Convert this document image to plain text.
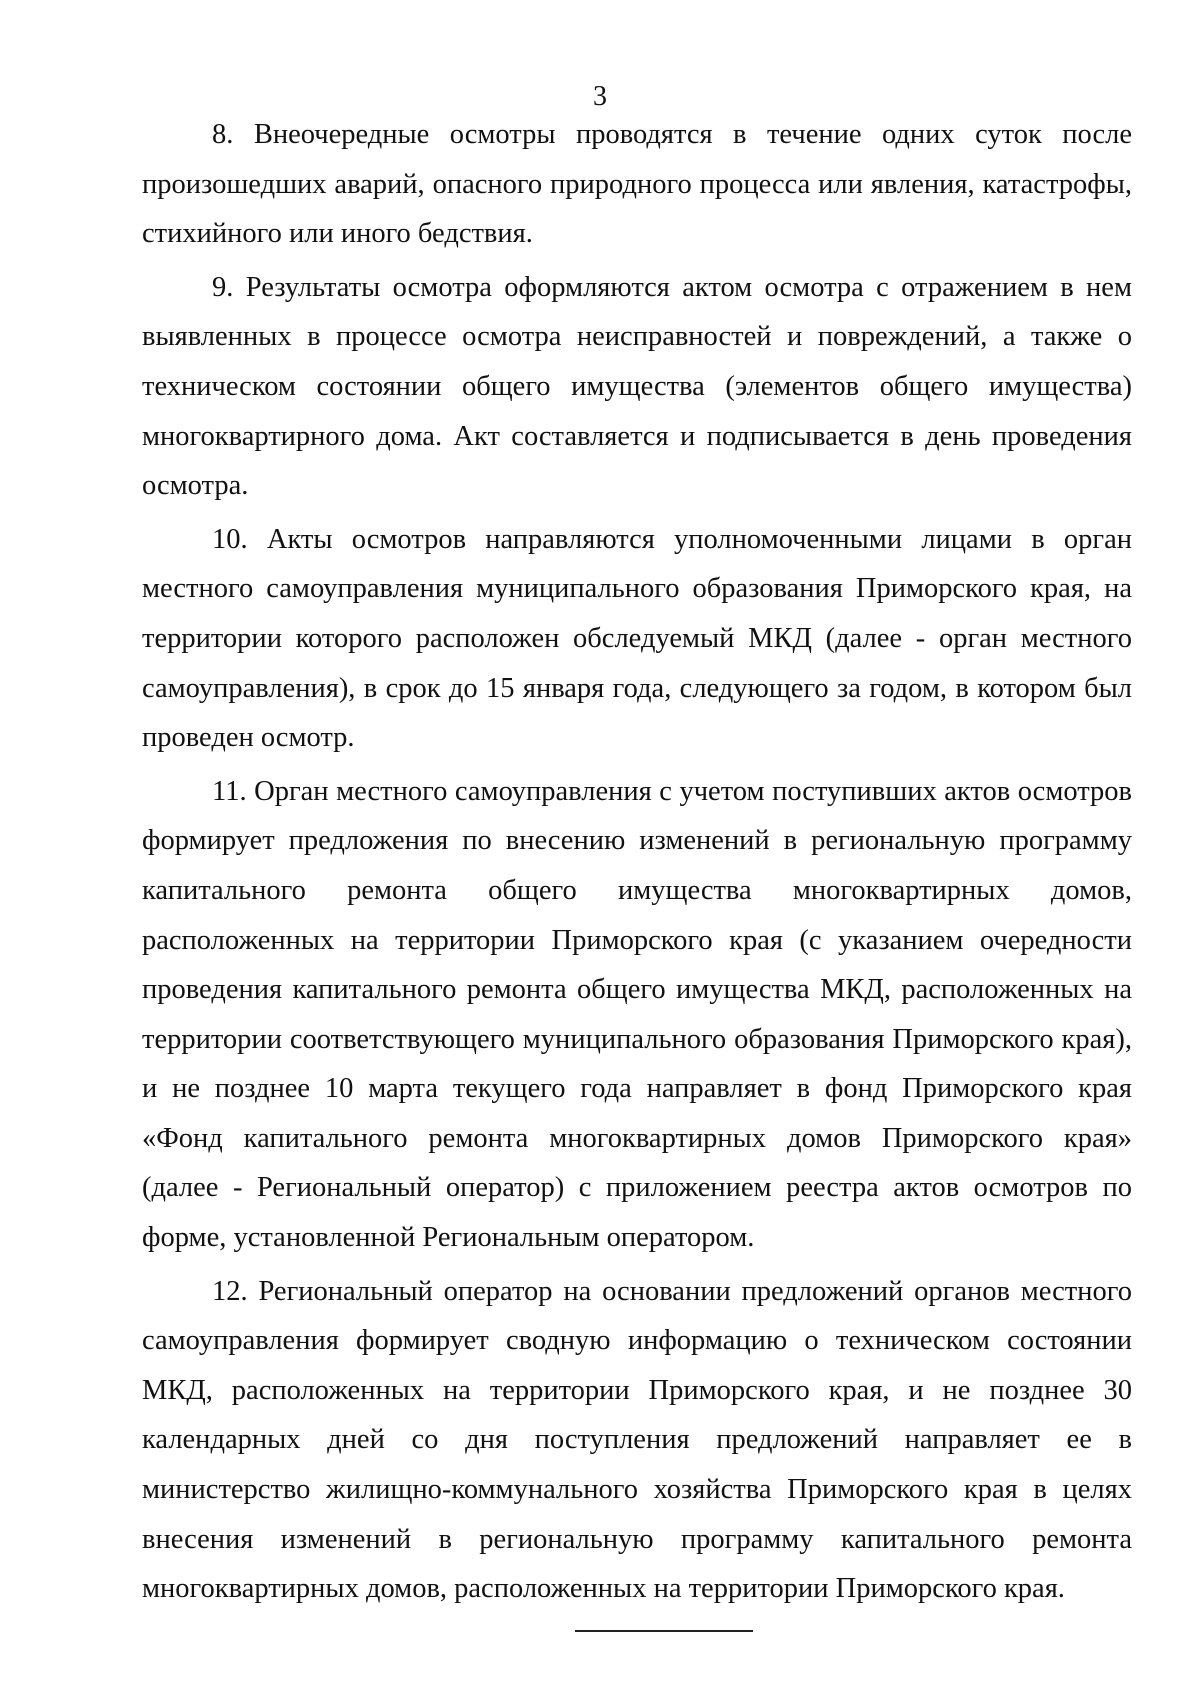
3

8. Внеочередные осмотры проводятся в течение одних суток после произошедших аварий, опасного природного процесса или явления, катастрофы, стихийного или иного бедствия.

9. Результаты осмотра оформляются актом осмотра с отражением в нем выявленных в процессе осмотра неисправностей и повреждений, а также о техническом состоянии общего имущества (элементов общего имущества) многоквартирного дома. Акт составляется и подписывается в день проведения осмотра.

10. Акты осмотров направляются уполномоченными лицами в орган местного самоуправления муниципального образования Приморского края, на территории которого расположен обследуемый МКД (далее - орган местного самоуправления), в срок до 15 января года, следующего за годом, в котором был проведен осмотр.

11. Орган местного самоуправления с учетом поступивших актов осмотров формирует предложения по внесению изменений в региональную программу капитального ремонта общего имущества многоквартирных домов, расположенных на территории Приморского края (с указанием очередности проведения капитального ремонта общего имущества МКД, расположенных на территории соответствующего муниципального образования Приморского края), и не позднее 10 марта текущего года направляет в фонд Приморского края «Фонд капитального ремонта многоквартирных домов Приморского края» (далее - Региональный оператор) с приложением реестра актов осмотров по форме, установленной Региональным оператором.

12. Региональный оператор на основании предложений органов местного самоуправления формирует сводную информацию о техническом состоянии МКД, расположенных на территории Приморского края, и не позднее 30 календарных дней со дня поступления предложений направляет ее в министерство жилищно-коммунального хозяйства Приморского края в целях внесения изменений в региональную программу капитального ремонта многоквартирных домов, расположенных на территории Приморского края.
